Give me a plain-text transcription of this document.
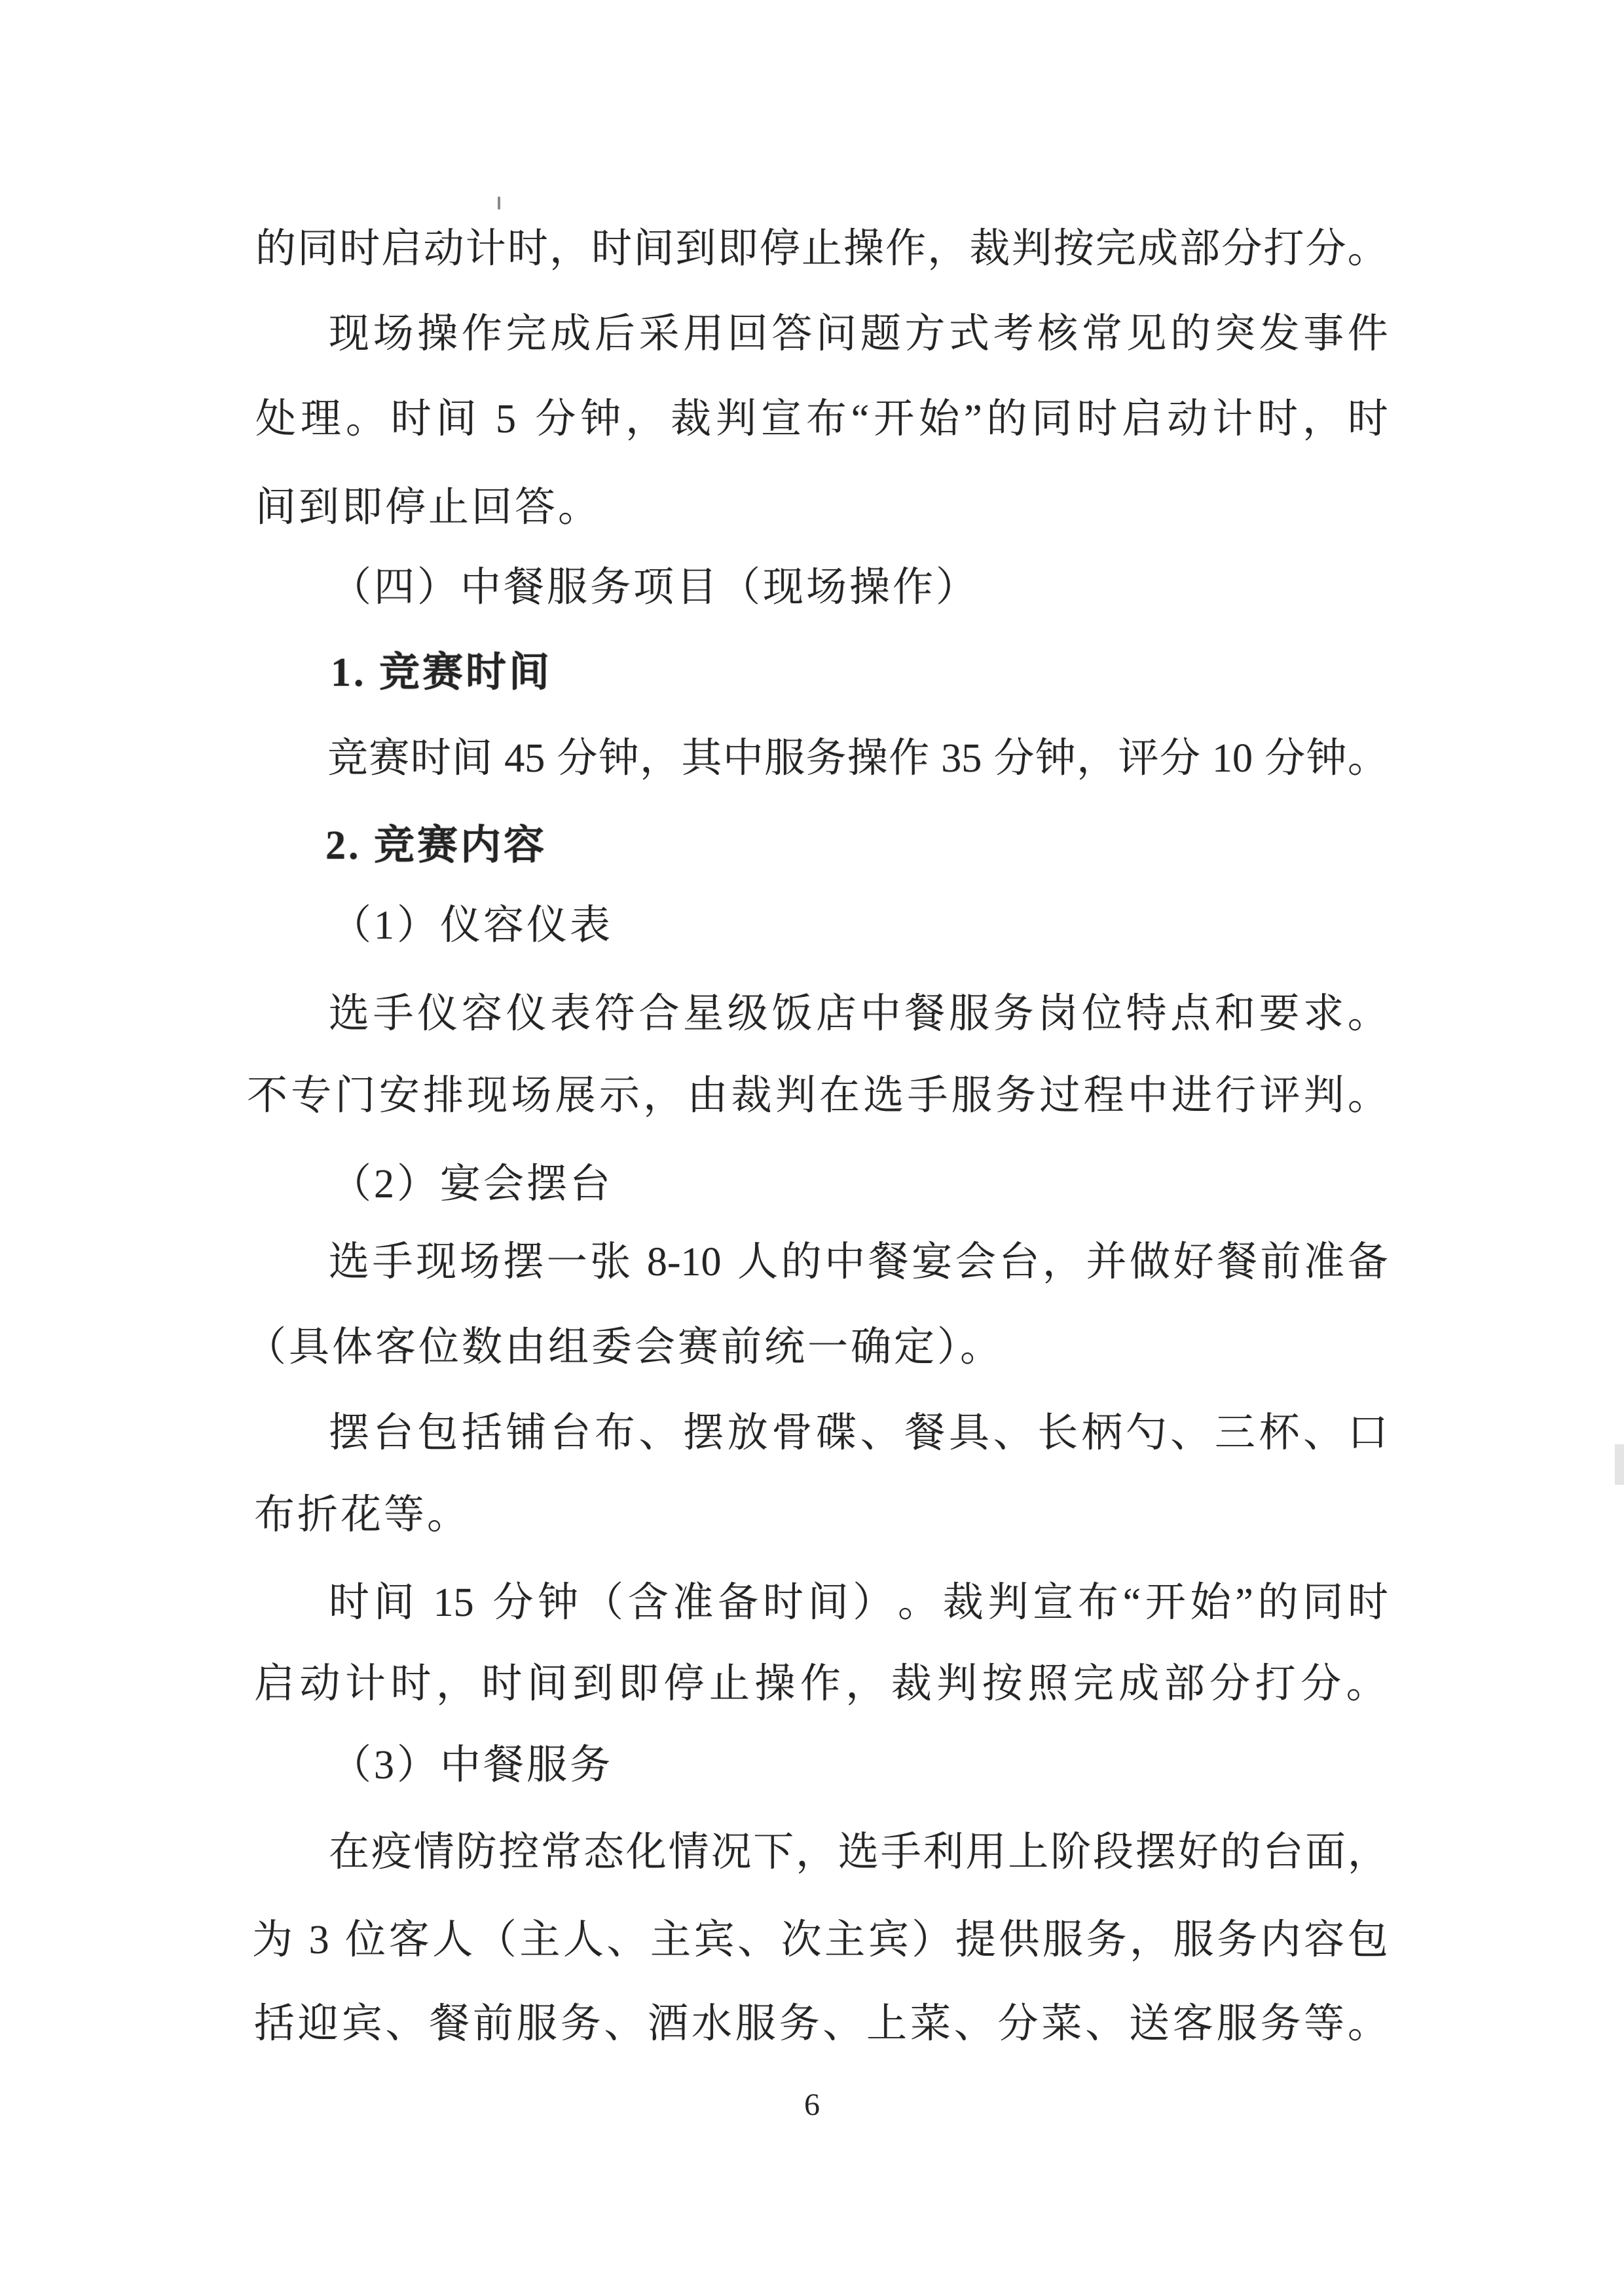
的 同 时 启 动 计 时 ， 时 间 到 即 停 止 操 作 ， 裁 判 按 完 成 部 分 打 分 。
现 场 操 作 完 成 后 采 用 回 答 问 题 方 式 考 核 常 见 的 突 发 事 件
处 理 。 时 间
5
分 钟 ， 裁 判 宣 布 “ 开 始 ” 的 同 时 启 动 计 时 ， 时
间到即停止回答。
（四）中餐服务项目（现场操作）
1. 竞赛时间
竞 赛 时 间
45
分 钟 ， 其 中 服 务 操 作
35
分 钟 ， 评 分
10
分 钟 。
2. 竞赛内容
（1）仪容仪表
选 手 仪 容 仪 表 符 合 星 级 饭 店 中 餐 服 务 岗 位 特 点 和 要 求 。
不 专 门 安 排 现 场 展 示 ， 由 裁 判 在 选 手 服 务 过 程 中 进 行 评 判 。
（2）宴会摆台
选 手 现 场 摆 一 张
8-10
人 的 中 餐 宴 会 台 ， 并 做 好 餐 前 准 备
（具体客位数由组委会赛前统一确定）。
摆 台 包 括 铺 台 布 、 摆 放 骨 碟 、 餐 具 、 长 柄 勺 、 三 杯 、 口
布折花等。
时 间
15
分 钟 （ 含 准 备 时 间 ） 。 裁 判 宣 布 “ 开 始 ” 的 同 时
启 动 计 时 ， 时 间 到 即 停 止 操 作 ， 裁 判 按 照 完 成 部 分 打 分 。
（3）中餐服务
在 疫 情 防 控 常 态 化 情 况 下 ， 选 手 利 用 上 阶 段 摆 好 的 台 面 ，
为
3
位 客 人 （ 主 人 、 主 宾 、 次 主 宾 ） 提 供 服 务 ， 服 务 内 容 包
括 迎 宾 、 餐 前 服 务 、 酒 水 服 务 、 上 菜 、 分 菜 、 送 客 服 务 等 。
6
